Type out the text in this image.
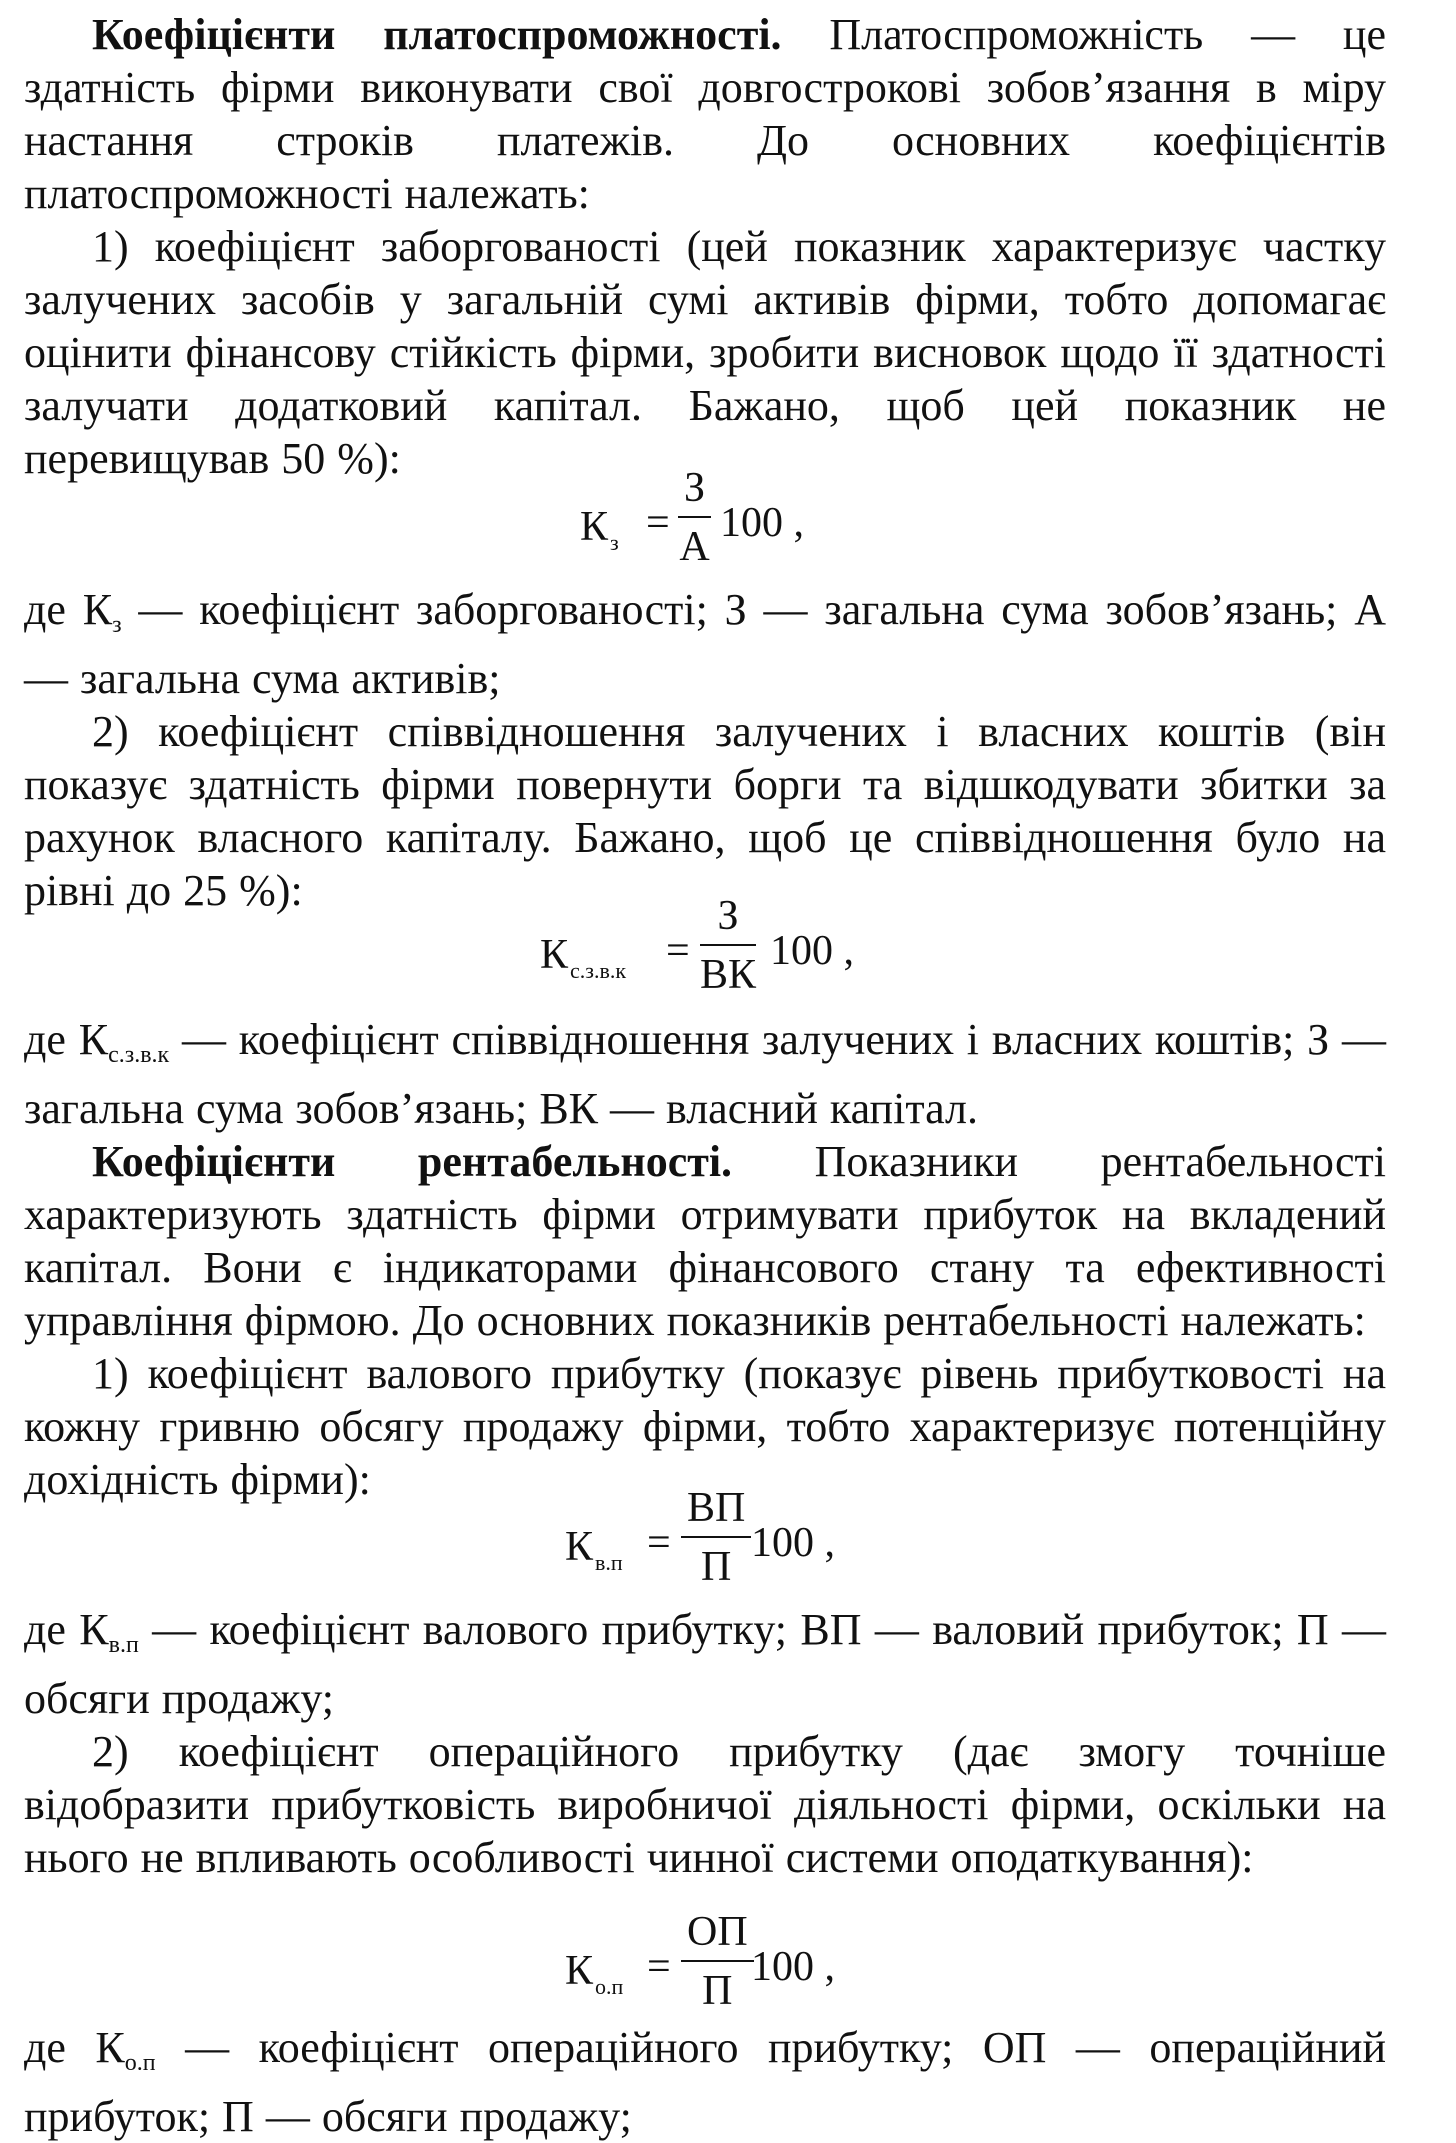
Коефіцієнти платоспроможності. Платоспроможність — це здатність фірми виконувати свої довгострокові зобов’язання в міру настання строків платежів. До основних коефіцієнтів платоспроможності належать:

1) коефіцієнт заборгованості (цей показник характеризує частку залучених засобів у загальній сумі активів фірми, тобто допомагає оцінити фінансову стійкість фірми, зробити висновок щодо її здатності залучати додатковий капітал. Бажано, щоб цей показник не перевищував 50 %):

$К_з$ =
З
А
100 ,

де Кз — коефіцієнт заборгованості; З — загальна сума зобов’язань; А — загальна сума активів;

2) коефіцієнт співвідношення залучених і власних коштів (він показує здатність фірми повернути борги та відшкодувати збитки за рахунок власного капіталу. Бажано, щоб це співвідношення було на рівні до 25 %):

$К_{с.з.в.к}$ =
З
ВК
100 ,

де Кс.з.в.к — коефіцієнт співвідношення залучених і власних коштів; З — загальна сума зобов’язань; ВК — власний капітал.

Коефіцієнти рентабельності. Показники рентабельності характеризують здатність фірми отримувати прибуток на вкладений капітал. Вони є індикаторами фінансового стану та ефективності управління фірмою. До основних показників рентабельності належать:

1) коефіцієнт валового прибутку (показує рівень прибутковості на кожну гривню обсягу продажу фірми, тобто характеризує потенційну дохідність фірми):

$К_{в.п}$ =
ВП
П
100 ,

де Кв.п — коефіцієнт валового прибутку; ВП — валовий прибуток; П — обсяги продажу;

2) коефіцієнт операційного прибутку (дає змогу точніше відобразити прибутковість виробничої діяльності фірми, оскільки на нього не впливають особливості чинної системи оподаткування):

$К_{о.п}$ =
ОП
П
100 ,

де Ко.п — коефіцієнт операційного прибутку; ОП — операційний прибуток; П — обсяги продажу;
